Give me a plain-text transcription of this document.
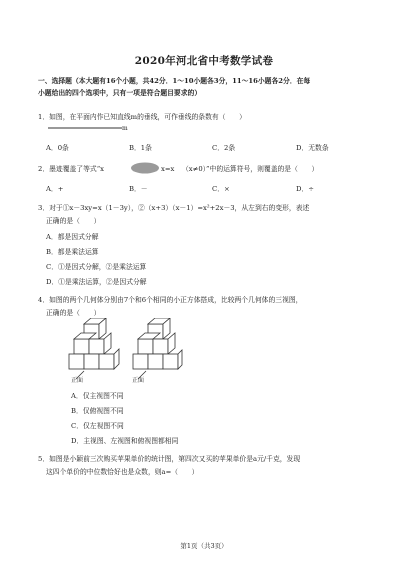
2020年河北省中考数学试卷
一、选择题（本大题有16个小题，共42分．1～10小题各3分，11～16小题各2分．在每
小题给出的四个选项中，只有一项是符合题目要求的）
1．如图，在平面内作已知直线m的垂线，可作垂线的条数有（　　）
m
A．0条	B．1条	C．2条	D．无数条
2．墨迹覆盖了等式“x	x=x （x≠0）”中的运算符号，则覆盖的是（　　）
A．+	B．－	C．×	D．÷
3．对于①x－3xy=x（1－3y），②（x+3）（x－1）=x²+2x－3，从左到右的变形，表述
正确的是（　　）
A．都是因式分解
B．都是乘法运算
C．①是因式分解，②是乘法运算
D．①是乘法运算，②是因式分解
4．如图的两个几何体分别由7个和6个相同的小正方体搭成，比较两个几何体的三视图，
正确的是（　　）
正面	正面
A．仅主视图不同
B．仅俯视图不同
C．仅左视图不同
D．主视图、左视图和俯视图都相同
5．如图是小颖前三次购买苹果单价的统计图，第四次又买的苹果单价是a元/千克，发现
这四个单价的中位数恰好也是众数，则a=（　　）
第1页（共3页）
